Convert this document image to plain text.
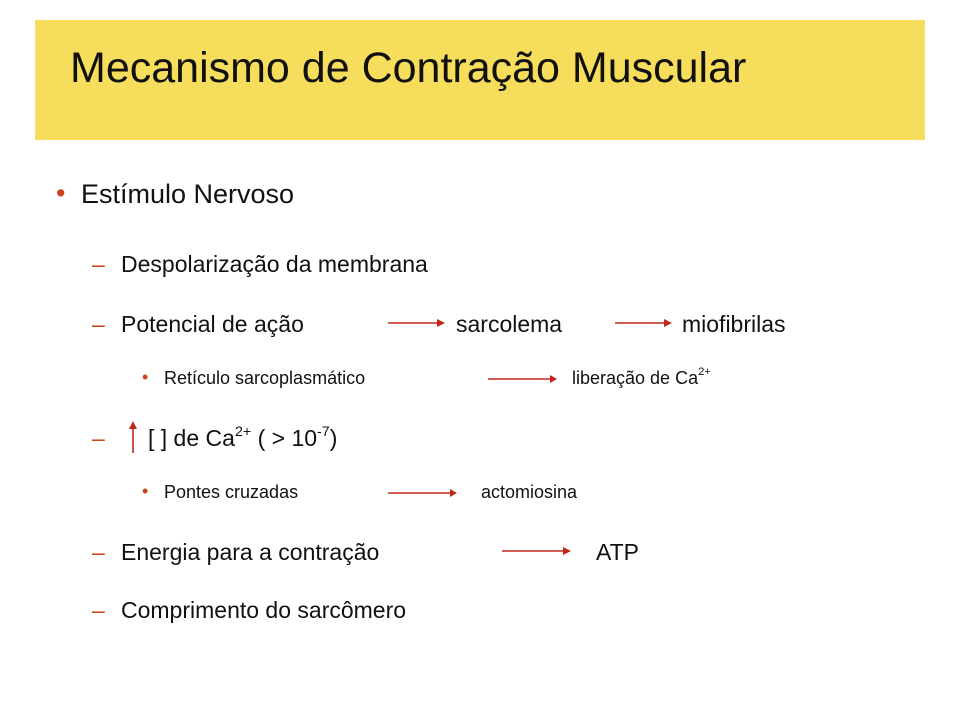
Mecanismo de Contração Muscular
• Estímulo Nervoso
– Despolarização da membrana
– Potencial de ação	sarcolema	miofibrilas
• Retículo sarcoplasmático	liberação de $Ca^{2+}$
– [ ] de $Ca^{2+}$ ( > $10^{-7}$)
• Pontes cruzadas	actomiosina
– Energia para a contração	ATP
– Comprimento do sarcômero
